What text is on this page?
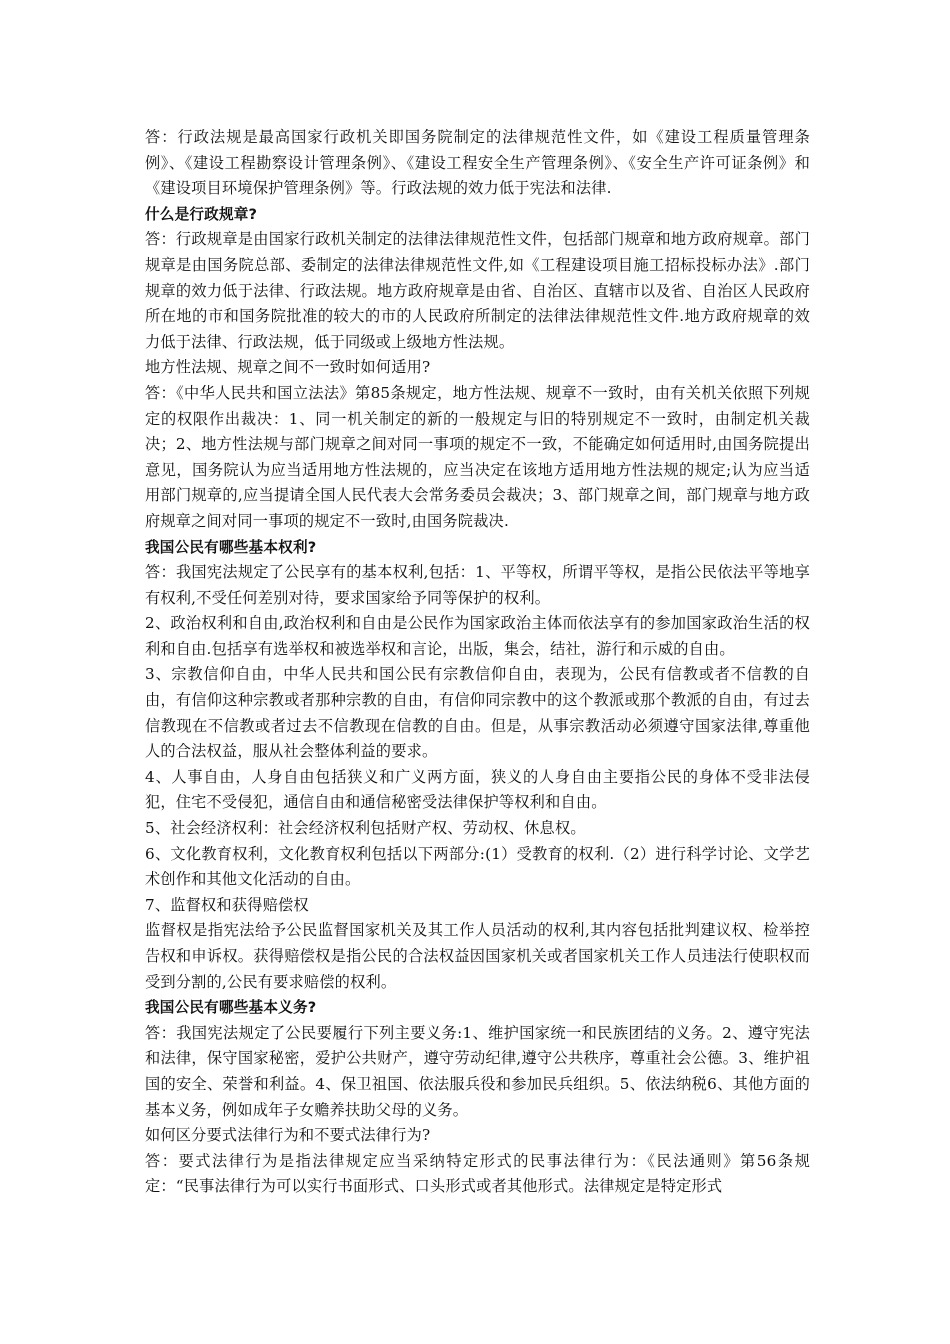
答：行政法规是最高国家行政机关即国务院制定的法律规范性文件，如《建设工程质量管理条例》、《建设工程勘察设计管理条例》、《建设工程安全生产管理条例》、《安全生产许可证条例》和《建设项目环境保护管理条例》等。行政法规的效力低于宪法和法律.

什么是行政规章?

答：行政规章是由国家行政机关制定的法律法律规范性文件，包括部门规章和地方政府规章。部门规章是由国务院总部、委制定的法律法律规范性文件,如《工程建设项目施工招标投标办法》.部门规章的效力低于法律、行政法规。地方政府规章是由省、自治区、直辖市以及省、自治区人民政府所在地的市和国务院批准的较大的市的人民政府所制定的法律法律规范性文件.地方政府规章的效力低于法律、行政法规，低于同级或上级地方性法规。

地方性法规、规章之间不一致时如何适用?

答：《中华人民共和国立法法》第85条规定，地方性法规、规章不一致时，由有关机关依照下列规定的权限作出裁决：1、同一机关制定的新的一般规定与旧的特别规定不一致时，由制定机关裁决；2、地方性法规与部门规章之间对同一事项的规定不一致，不能确定如何适用时,由国务院提出意见，国务院认为应当适用地方性法规的，应当决定在该地方适用地方性法规的规定;认为应当适用部门规章的,应当提请全国人民代表大会常务委员会裁决；3、部门规章之间，部门规章与地方政府规章之间对同一事项的规定不一致时,由国务院裁决.

我国公民有哪些基本权利?

答：我国宪法规定了公民享有的基本权利,包括：1、平等权，所谓平等权，是指公民依法平等地享有权利,不受任何差别对待，要求国家给予同等保护的权利。

2、政治权利和自由,政治权利和自由是公民作为国家政治主体而依法享有的参加国家政治生活的权利和自由.包括享有选举权和被选举权和言论，出版，集会，结社，游行和示威的自由。

3、宗教信仰自由，中华人民共和国公民有宗教信仰自由，表现为，公民有信教或者不信教的自由，有信仰这种宗教或者那种宗教的自由，有信仰同宗教中的这个教派或那个教派的自由，有过去信教现在不信教或者过去不信教现在信教的自由。但是，从事宗教活动必须遵守国家法律,尊重他人的合法权益，服从社会整体利益的要求。

4、人事自由，人身自由包括狭义和广义两方面，狭义的人身自由主要指公民的身体不受非法侵犯，住宅不受侵犯，通信自由和通信秘密受法律保护等权利和自由。

5、社会经济权利：社会经济权利包括财产权、劳动权、休息权。

6、文化教育权利，文化教育权利包括以下两部分:(1）受教育的权利.（2）进行科学讨论、文学艺术创作和其他文化活动的自由。

7、监督权和获得赔偿权

监督权是指宪法给予公民监督国家机关及其工作人员活动的权利,其内容包括批判建议权、检举控告权和申诉权。获得赔偿权是指公民的合法权益因国家机关或者国家机关工作人员违法行使职权而受到分割的,公民有要求赔偿的权利。

我国公民有哪些基本义务?

答：我国宪法规定了公民要履行下列主要义务:1、维护国家统一和民族团结的义务。2、遵守宪法和法律，保守国家秘密，爱护公共财产，遵守劳动纪律,遵守公共秩序，尊重社会公德。3、维护祖国的安全、荣誉和利益。4、保卫祖国、依法服兵役和参加民兵组织。5、依法纳税6、其他方面的基本义务，例如成年子女赡养扶助父母的义务。

如何区分要式法律行为和不要式法律行为?

答：要式法律行为是指法律规定应当采纳特定形式的民事法律行为：《民法通则》第56条规定：“民事法律行为可以实行书面形式、口头形式或者其他形式。法律规定是特定形式
